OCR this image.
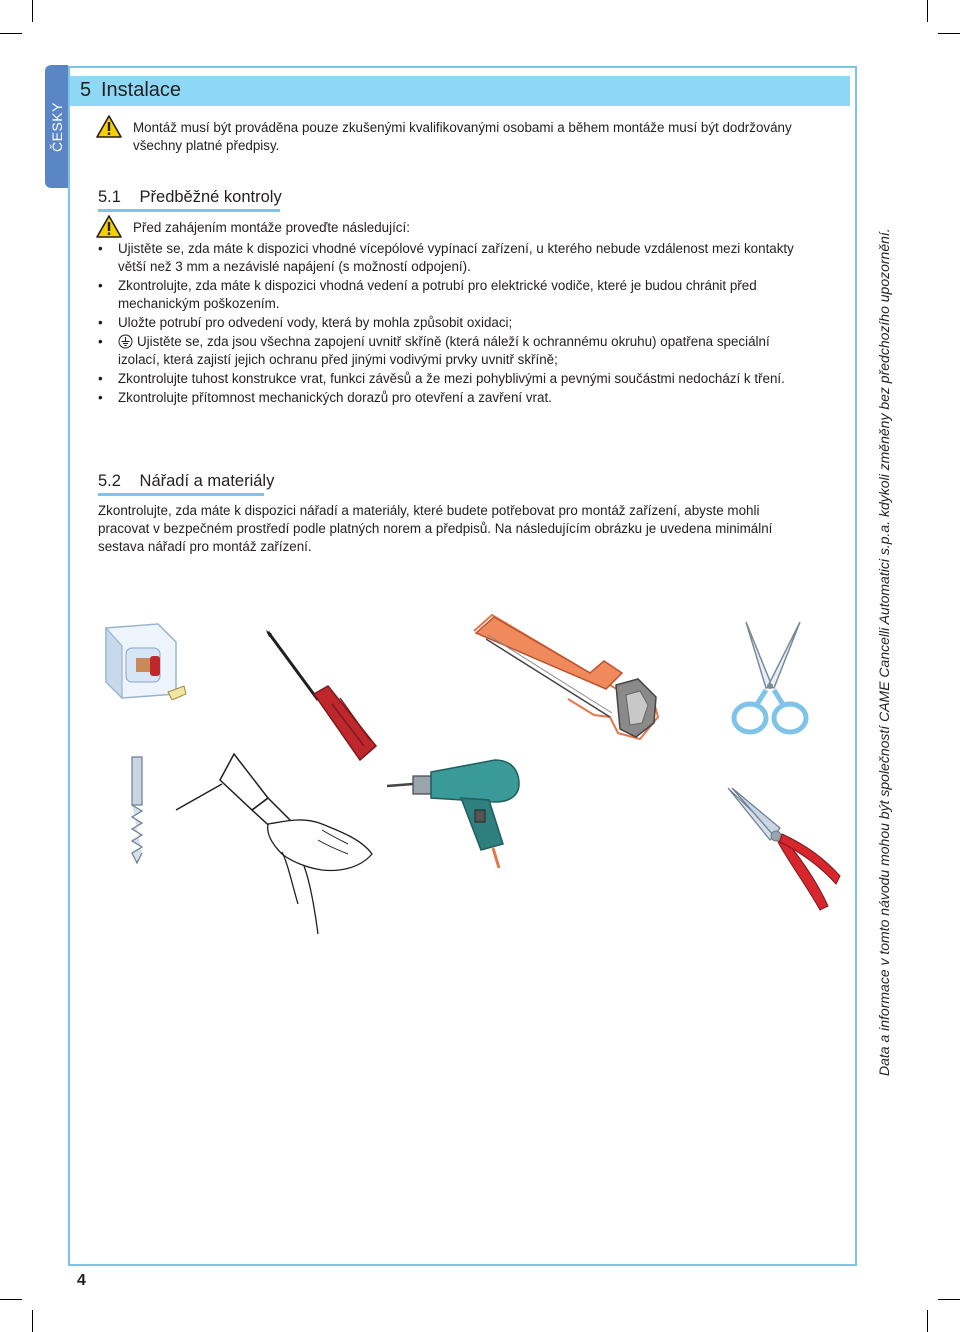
ČESKY
5 Instalace
Montáž musí být prováděna pouze zkušenými kvalifikovanými osobami a během montáže musí být dodržovány všechny platné předpisy.
5.1 Předběžné kontroly
Před zahájením montáže proveďte následující:
• Ujistěte se, zda máte k dispozici vhodné vícepólové vypínací zařízení, u kterého nebude vzdálenost mezi kontakty větší než 3 mm a nezávislé napájení (s možností odpojení).
• Zkontrolujte, zda máte k dispozici vhodná vedení a potrubí pro elektrické vodiče, které je budou chránit před mechanickým poškozením.
• Uložte potrubí pro odvedení vody, která by mohla způsobit oxidaci;
• Ujistěte se, zda jsou všechna zapojení uvnitř skříně (která náleží k ochrannému okruhu) opatřena speciální izolací, která zajistí jejich ochranu před jinými vodivými prvky uvnitř skříně;
• Zkontrolujte tuhost konstrukce vrat, funkci závěsů a že mezi pohyblivými a pevnými součástmi nedochází k tření.
• Zkontrolujte přítomnost mechanických dorazů pro otevření a zavření vrat.
5.2 Nářadí a materiály
Zkontrolujte, zda máte k dispozici nářadí a materiály, které budete potřebovat pro montáž zařízení, abyste mohli pracovat v bezpečném prostředí podle platných norem a předpisů. Na následujícím obrázku je uvedena minimální sestava nářadí pro montáž zařízení.	Data a informace v tomto návodu mohou být společností CAME Cancelli Automatici s.p.a. kdykoli změněny bez předchozího upozornění.
4
